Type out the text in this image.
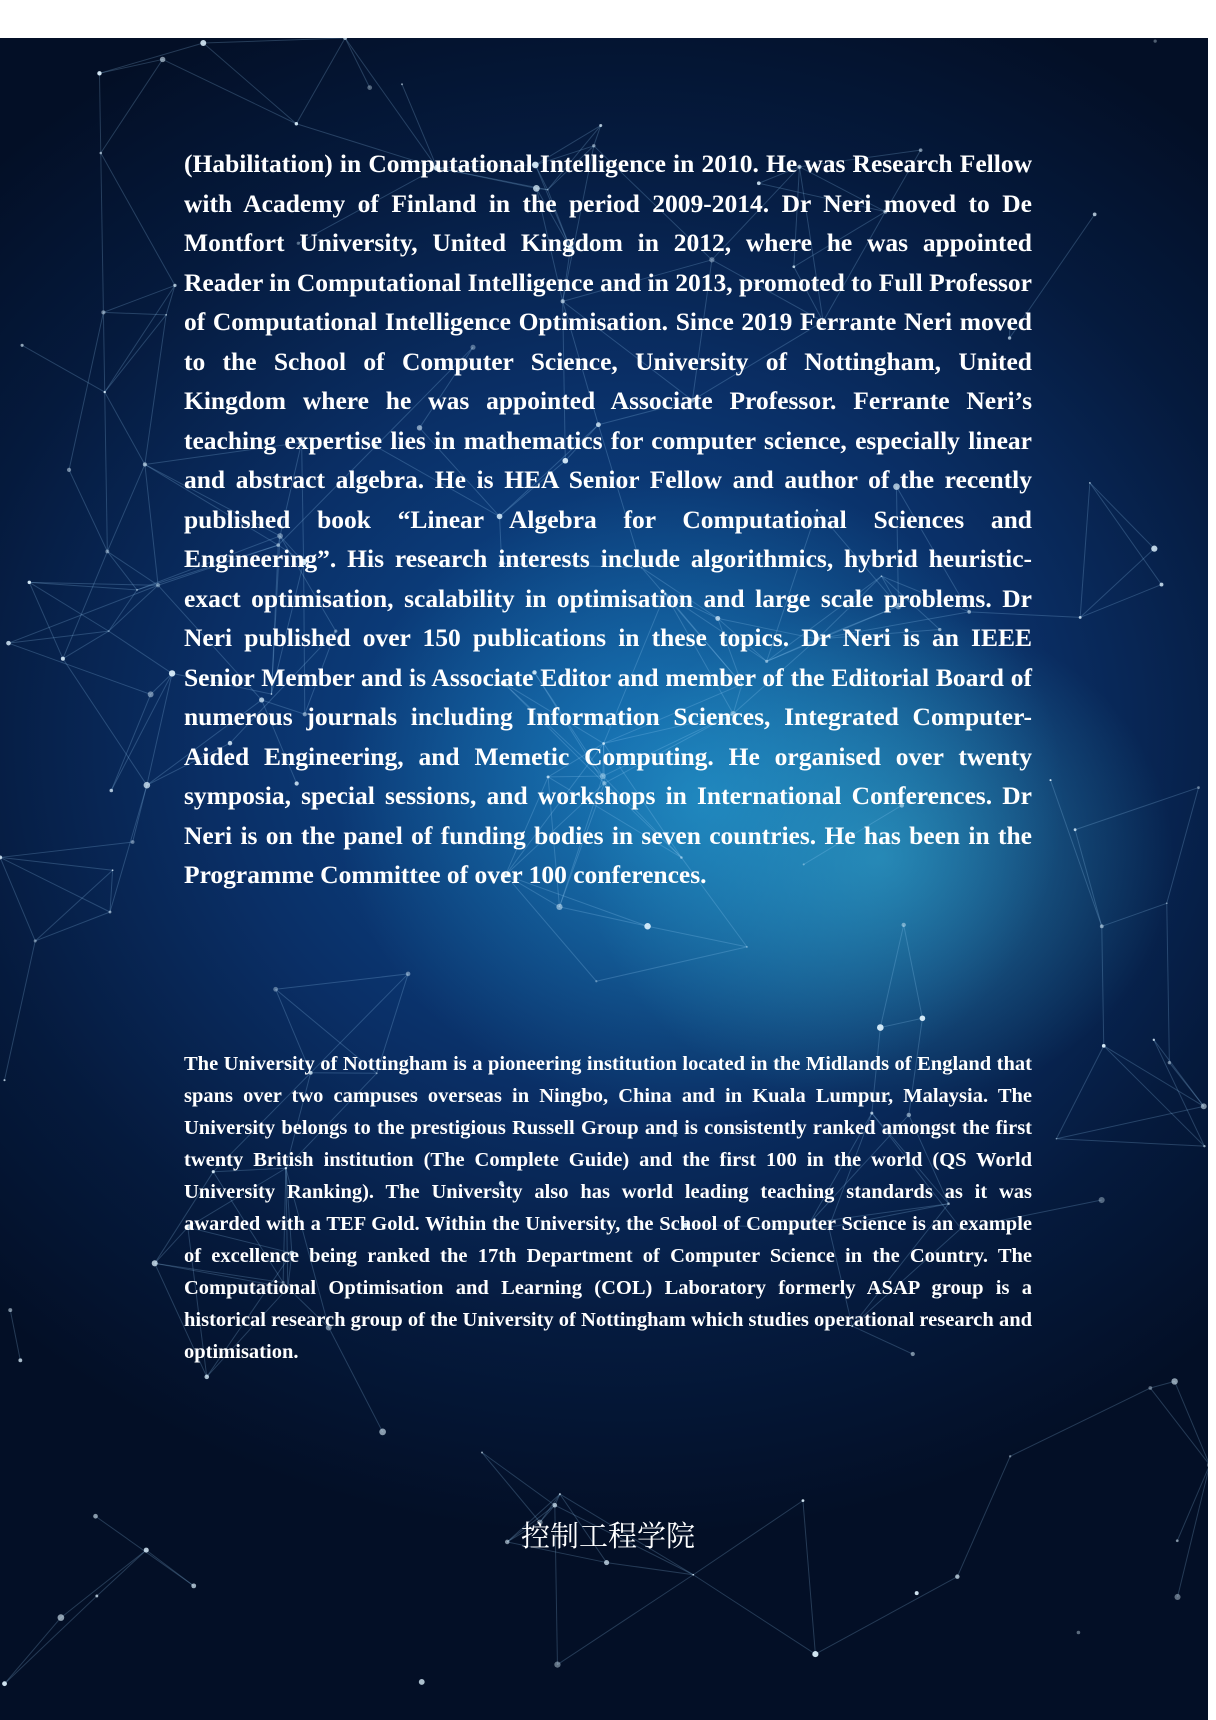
(Habilitation) in Computational Intelligence in 2010. He was Research Fellow with Academy of Finland in the period 2009-2014. Dr Neri moved to De Montfort University, United Kingdom in 2012, where he was appointed Reader in Computational Intelligence and in 2013, promoted to Full Professor of Computational Intelligence Optimisation. Since 2019 Ferrante Neri moved to the School of Computer Science, University of Nottingham, United Kingdom where he was appointed Associate Professor. Ferrante Neri’s teaching expertise lies in mathematics for computer science, especially linear and abstract algebra. He is HEA Senior Fellow and author of the recently published book “Linear Algebra for Computational Sciences and Engineering”. His research interests include algorithmics, hybrid heuristic-exact optimisation, scalability in optimisation and large scale problems. Dr Neri published over 150 publications in these topics. Dr Neri is an IEEE Senior Member and is Associate Editor and member of the Editorial Board of numerous journals including Information Sciences, Integrated Computer-Aided Engineering, and Memetic Computing. He organised over twenty symposia, special sessions, and workshops in International Conferences. Dr Neri is on the panel of funding bodies in seven countries. He has been in the Programme Committee of over 100 conferences.

The University of Nottingham is a pioneering institution located in the Midlands of England that spans over two campuses overseas in Ningbo, China and in Kuala Lumpur, Malaysia. The University belongs to the prestigious Russell Group and is consistently ranked amongst the first twenty British institution (The Complete Guide) and the first 100 in the world (QS World University Ranking). The University also has world leading teaching standards as it was awarded with a TEF Gold. Within the University, the School of Computer Science is an example of excellence being ranked the 17th Department of Computer Science in the Country. The Computational Optimisation and Learning (COL) Laboratory formerly ASAP group is a historical research group of the University of Nottingham which studies operational research and optimisation.

控制工程学院
